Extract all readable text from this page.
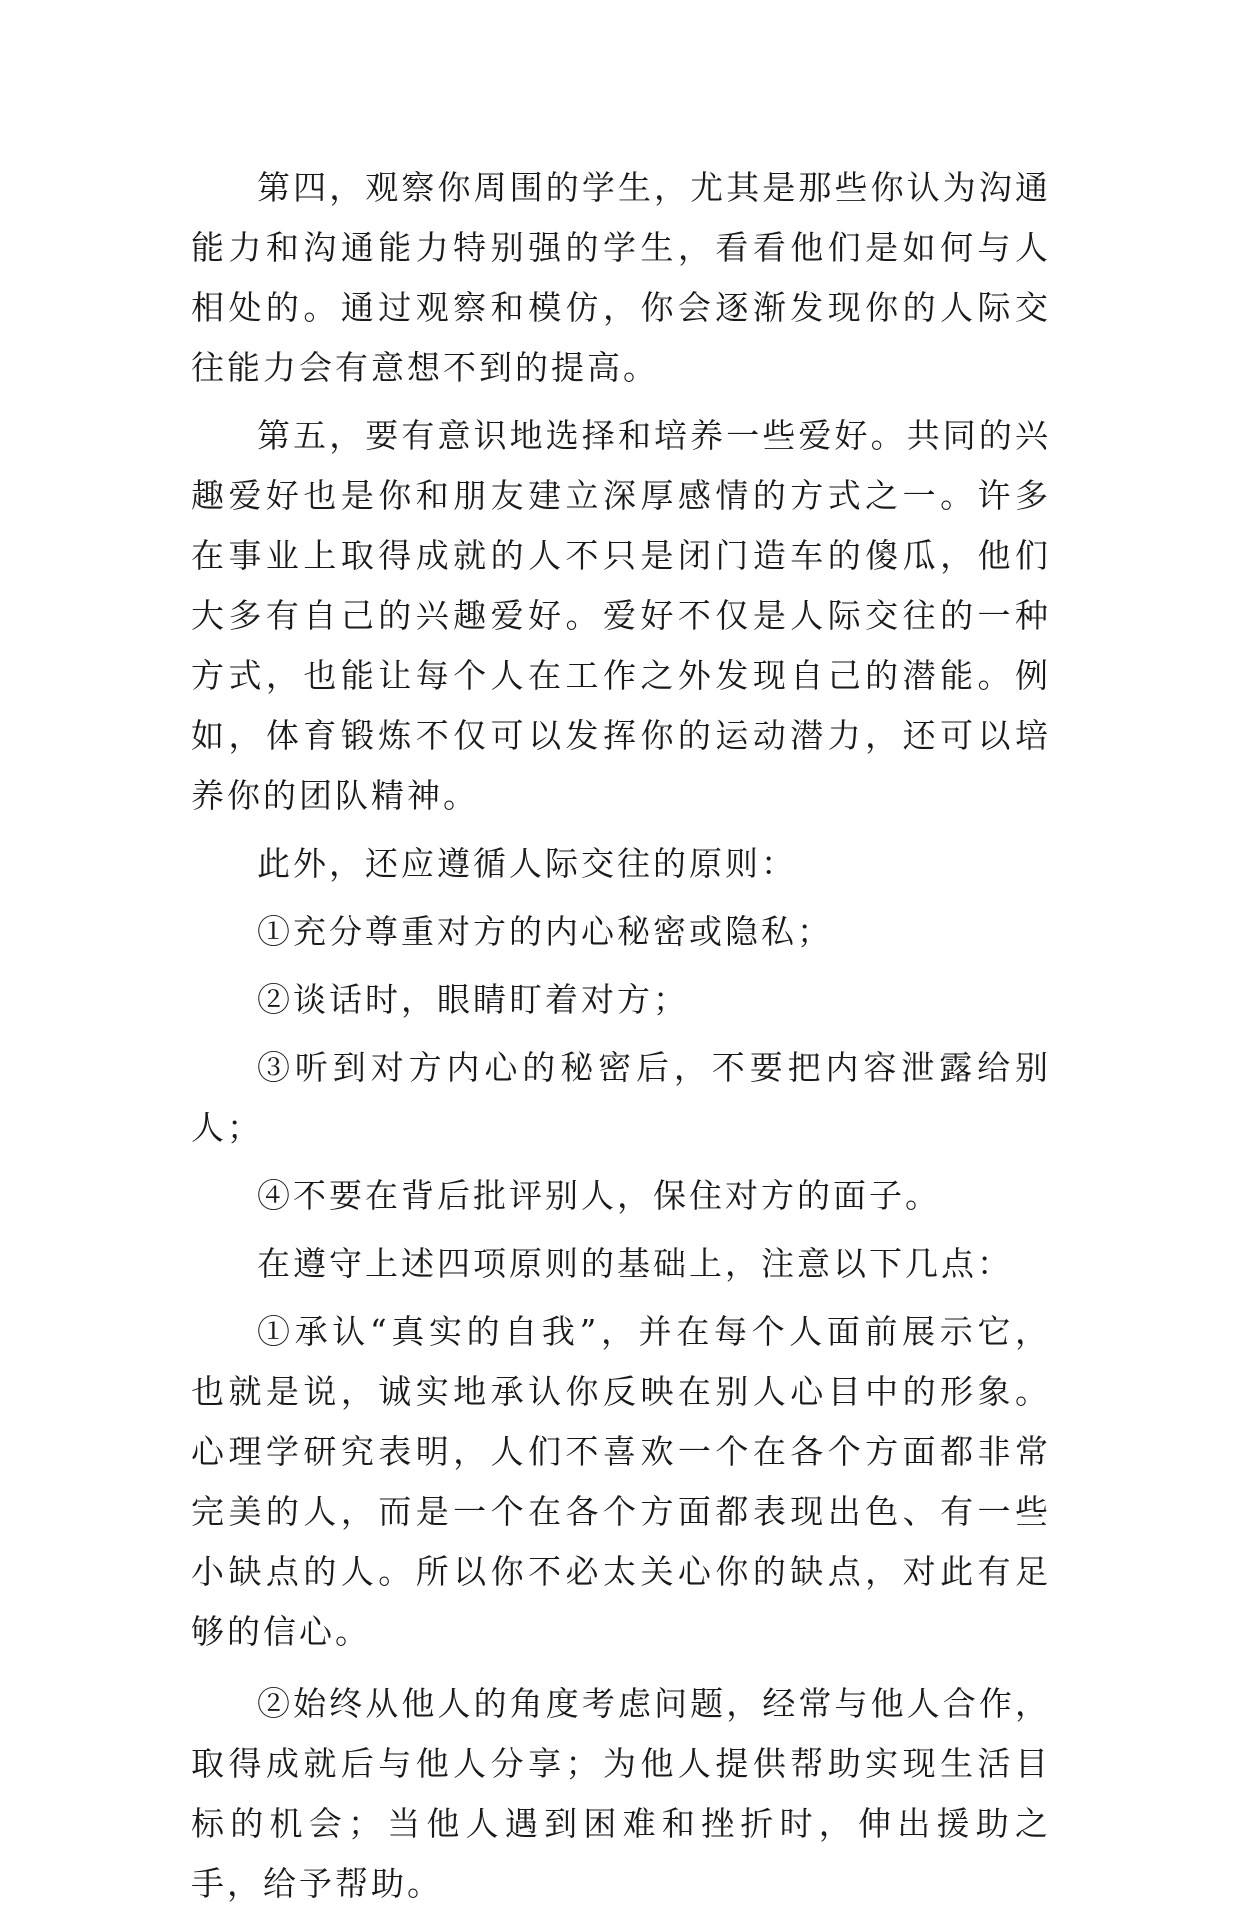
第四，观察你周围的学生，尤其是那些你认为沟通能力和沟通能力特别强的学生，看看他们是如何与人相处的。通过观察和模仿，你会逐渐发现你的人际交往能力会有意想不到的提高。

第五，要有意识地选择和培养一些爱好。共同的兴趣爱好也是你和朋友建立深厚感情的方式之一。许多在事业上取得成就的人不只是闭门造车的傻瓜，他们大多有自己的兴趣爱好。爱好不仅是人际交往的一种方式，也能让每个人在工作之外发现自己的潜能。例如，体育锻炼不仅可以发挥你的运动潜力，还可以培养你的团队精神。

此外，还应遵循人际交往的原则：

①充分尊重对方的内心秘密或隐私；

②谈话时，眼睛盯着对方；

③听到对方内心的秘密后，不要把内容泄露给别人；

④不要在背后批评别人，保住对方的面子。

在遵守上述四项原则的基础上，注意以下几点：

①承认“真实的自我”，并在每个人面前展示它，也就是说，诚实地承认你反映在别人心目中的形象。心理学研究表明，人们不喜欢一个在各个方面都非常完美的人，而是一个在各个方面都表现出色、有一些小缺点的人。所以你不必太关心你的缺点，对此有足够的信心。

②始终从他人的角度考虑问题，经常与他人合作，取得成就后与他人分享；为他人提供帮助实现生活目标的机会；当他人遇到困难和挫折时，伸出援助之手，给予帮助。
